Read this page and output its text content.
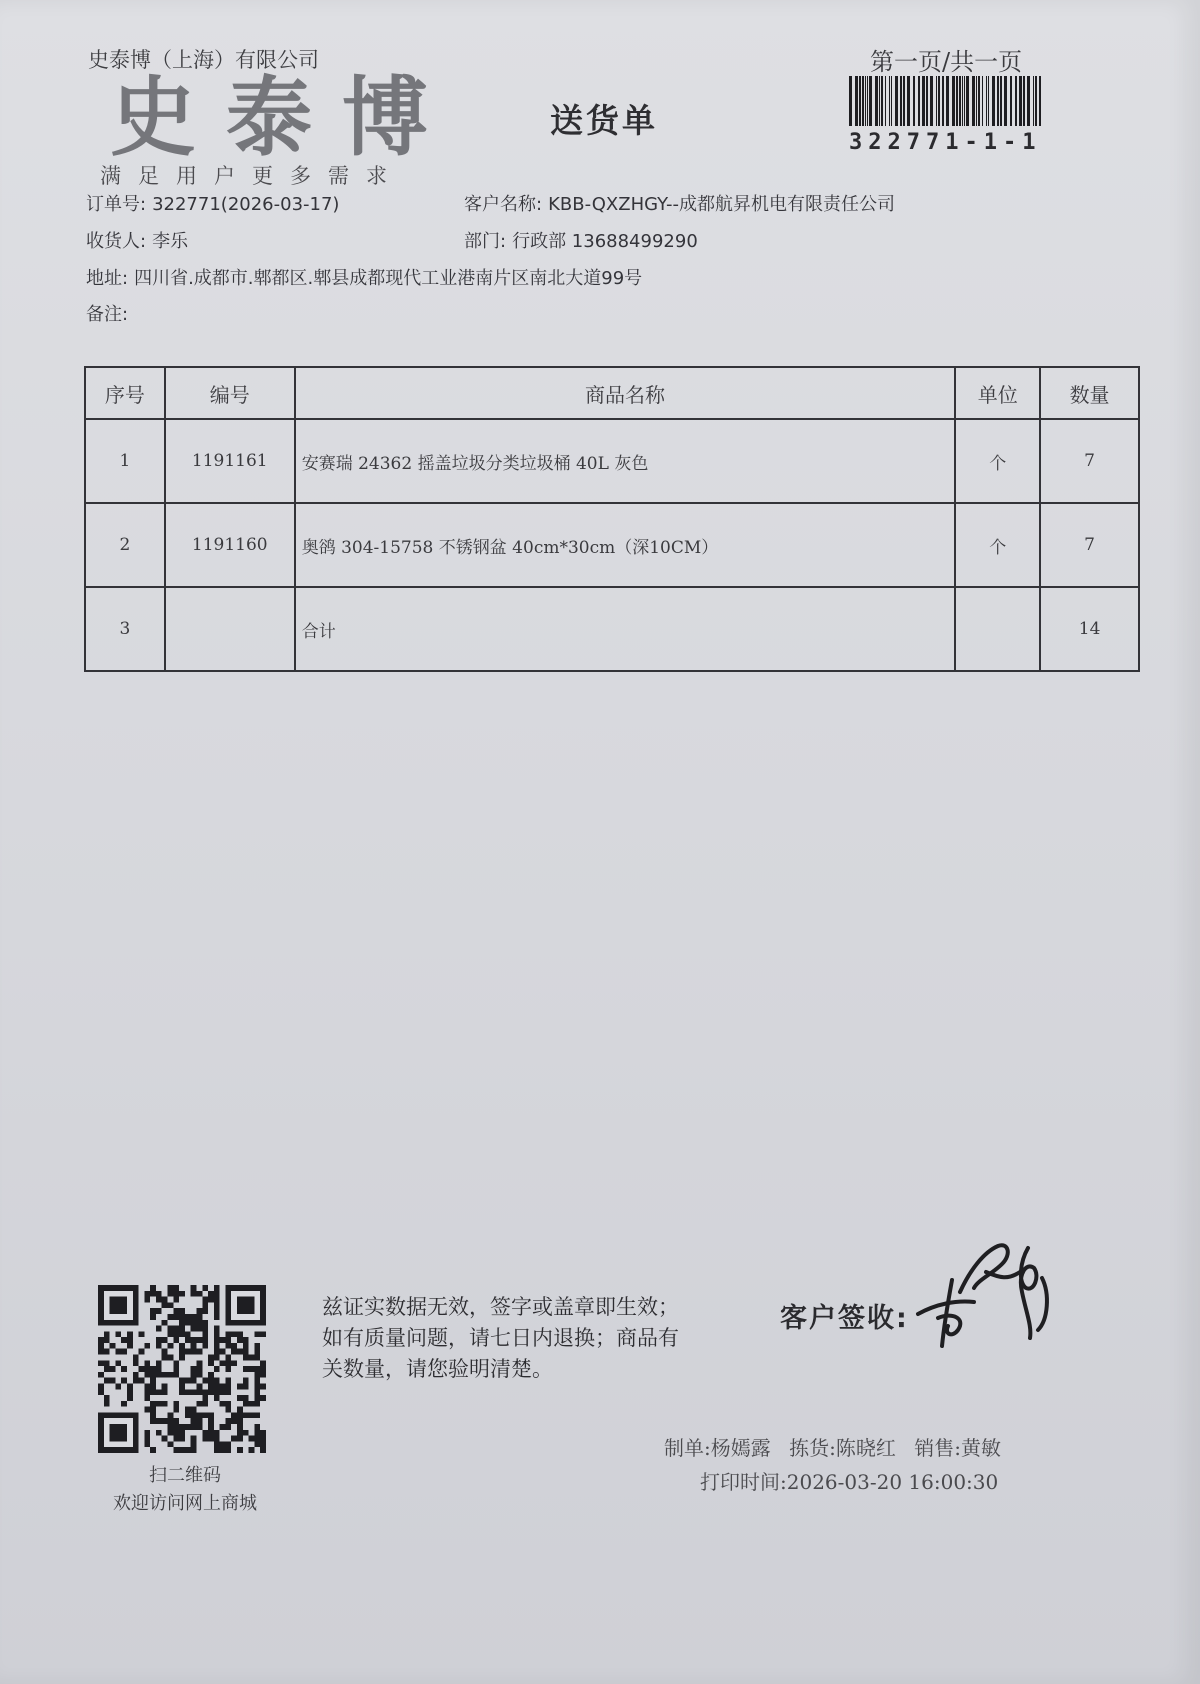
史泰博（上海）有限公司	第一页/共一页
史泰博
满足用户更多需求
送货单
322771-1-1
订单号: 322771(2026-03-17)	客户名称: KBB-QXZHGY--成都航昇机电有限责任公司
收货人: 李乐	部门: 行政部 13688499290
地址: 四川省.成都市.郫都区.郫县成都现代工业港南片区南北大道99号
备注:
序号	编号	商品名称	单位	数量
1	1191161	安赛瑞 24362 摇盖垃圾分类垃圾桶 40L 灰色	个	7
2	1191160	奥鹆 304-15758 不锈钢盆 40cm*30cm（深10CM）	个	7
3		合计		14
扫二维码
欢迎访问网上商城
兹证实数据无效，签字或盖章即生效；如有质量问题，请七日内退换；商品有关数量，请您验明清楚。
客户签收:
制单:杨嫣露 拣货:陈晓红 销售:黄敏
打印时间:2026-03-20 16:00:30
